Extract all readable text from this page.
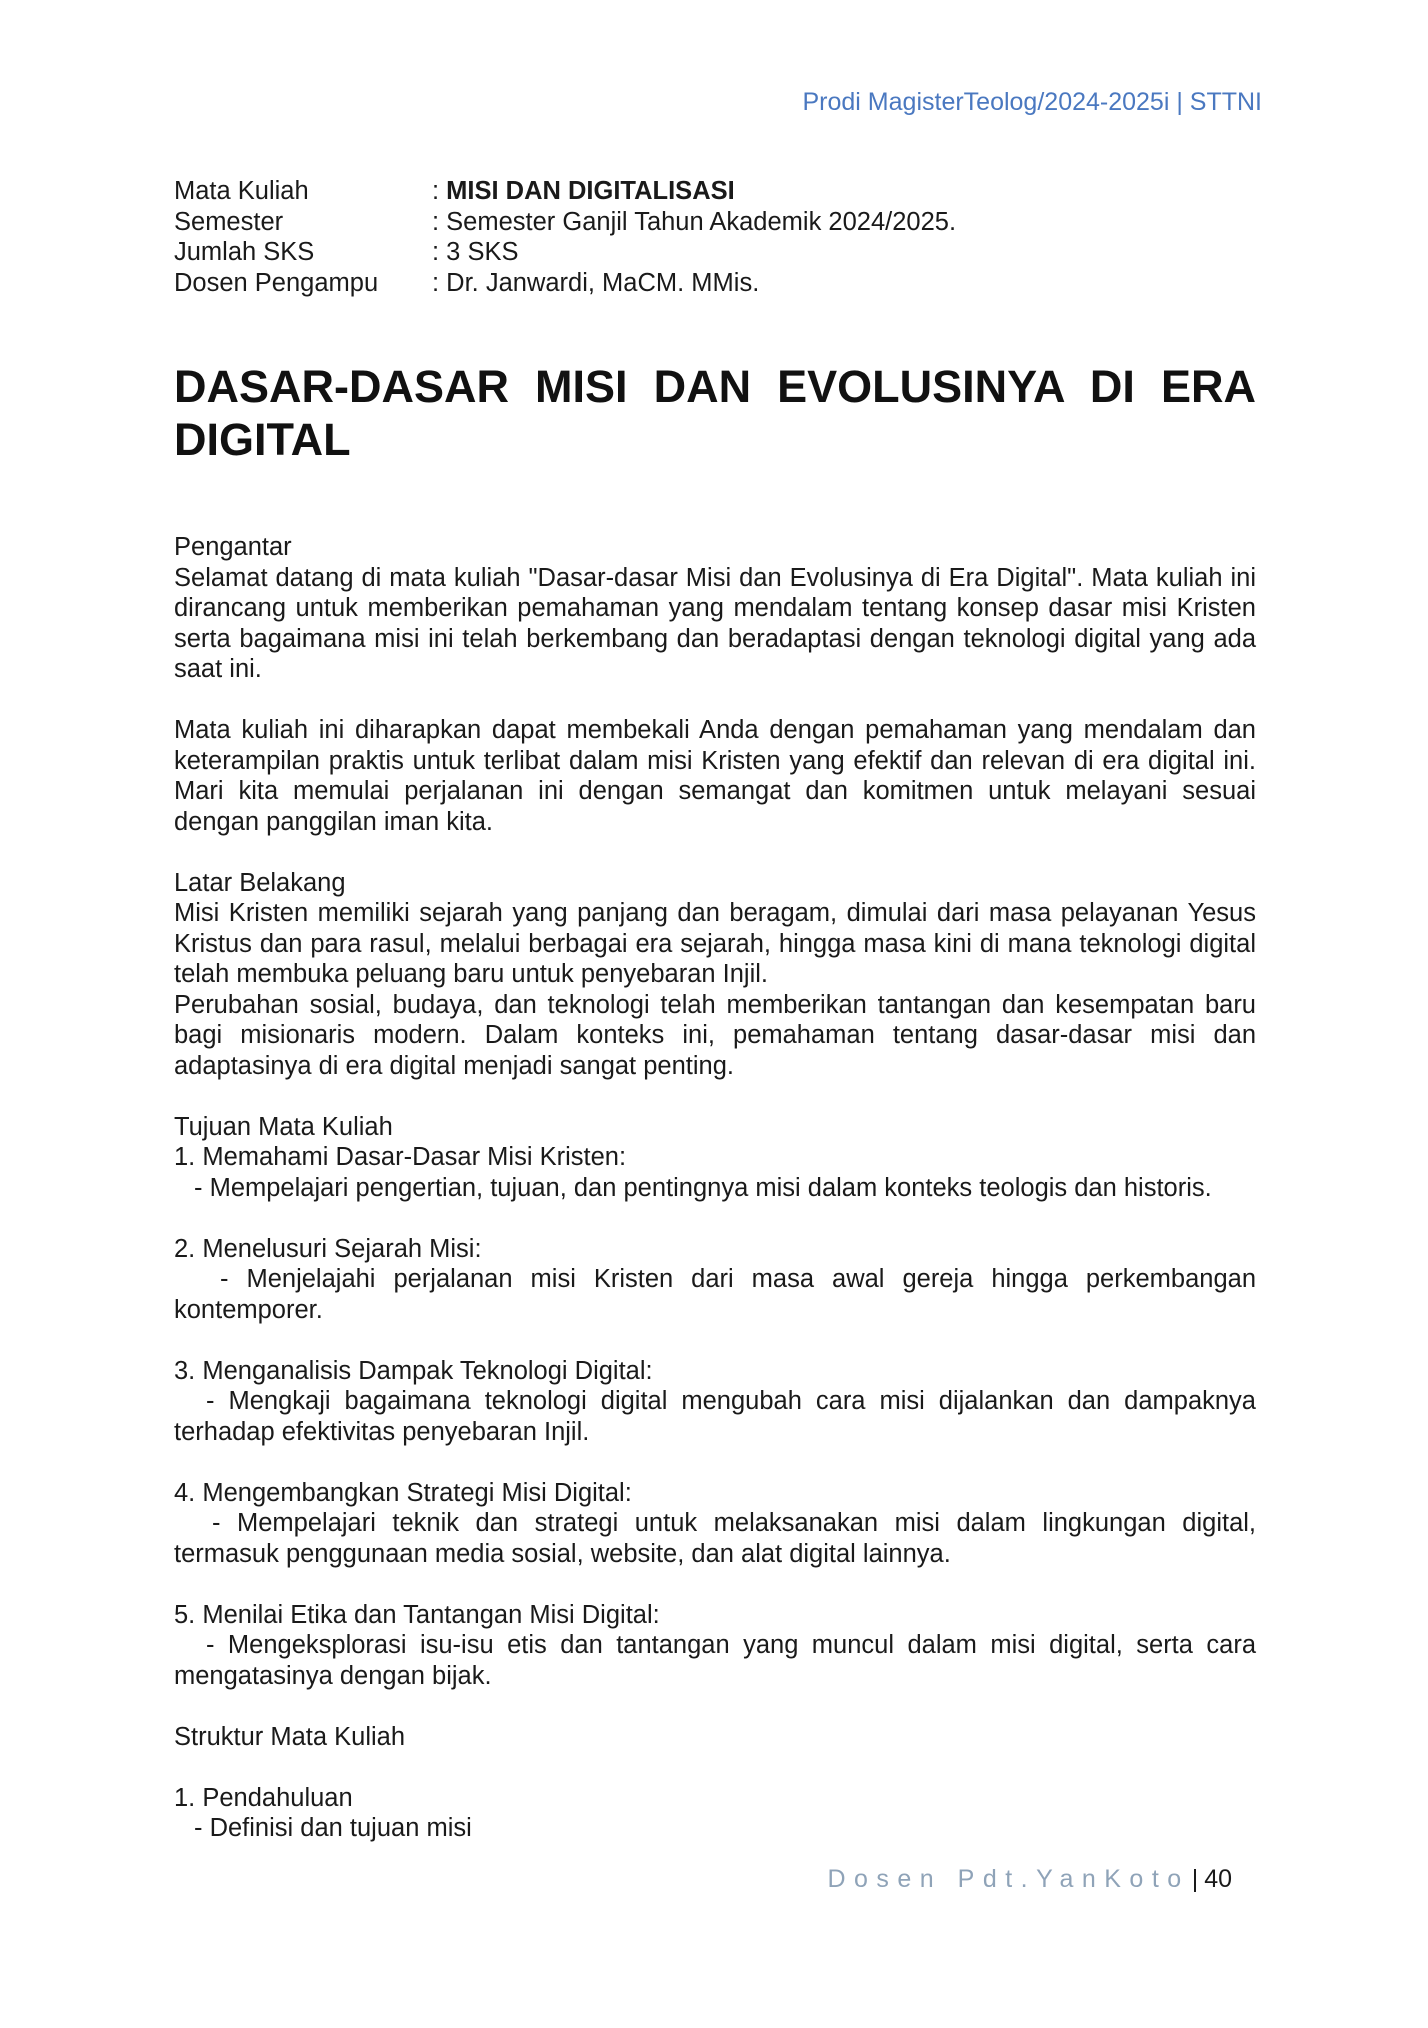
Prodi MagisterTeolog/2024-2025i | STTNI
Mata Kuliah	: MISI DAN DIGITALISASI
Semester	: Semester Ganjil Tahun Akademik 2024/2025.
Jumlah SKS	: 3 SKS
Dosen Pengampu	: Dr. Janwardi, MaCM. MMis.
DASAR-DASAR MISI DAN EVOLUSINYA DI ERA DIGITAL

Pengantar

Selamat datang di mata kuliah "Dasar-dasar Misi dan Evolusinya di Era Digital". Mata kuliah ini dirancang untuk memberikan pemahaman yang mendalam tentang konsep dasar misi Kristen serta bagaimana misi ini telah berkembang dan beradaptasi dengan teknologi digital yang ada saat ini.

Mata kuliah ini diharapkan dapat membekali Anda dengan pemahaman yang mendalam dan keterampilan praktis untuk terlibat dalam misi Kristen yang efektif dan relevan di era digital ini. Mari kita memulai perjalanan ini dengan semangat dan komitmen untuk melayani sesuai dengan panggilan iman kita.

Latar Belakang

Misi Kristen memiliki sejarah yang panjang dan beragam, dimulai dari masa pelayanan Yesus Kristus dan para rasul, melalui berbagai era sejarah, hingga masa kini di mana teknologi digital telah membuka peluang baru untuk penyebaran Injil.

Perubahan sosial, budaya, dan teknologi telah memberikan tantangan dan kesempatan baru bagi misionaris modern. Dalam konteks ini, pemahaman tentang dasar-dasar misi dan adaptasinya di era digital menjadi sangat penting.

Tujuan Mata Kuliah

1. Memahami Dasar-Dasar Misi Kristen:

- Mempelajari pengertian, tujuan, dan pentingnya misi dalam konteks teologis dan historis.

2. Menelusuri Sejarah Misi:

- Menjelajahi perjalanan misi Kristen dari masa awal gereja hingga perkembangan kontemporer.

3. Menganalisis Dampak Teknologi Digital:

- Mengkaji bagaimana teknologi digital mengubah cara misi dijalankan dan dampaknya terhadap efektivitas penyebaran Injil.

4. Mengembangkan Strategi Misi Digital:

- Mempelajari teknik dan strategi untuk melaksanakan misi dalam lingkungan digital, termasuk penggunaan media sosial, website, dan alat digital lainnya.

5. Menilai Etika dan Tantangan Misi Digital:

- Mengeksplorasi isu-isu etis dan tantangan yang muncul dalam misi digital, serta cara mengatasinya dengan bijak.

Struktur Mata Kuliah

1. Pendahuluan

- Definisi dan tujuan misi

Dosen Pdt.YanKoto| 40
